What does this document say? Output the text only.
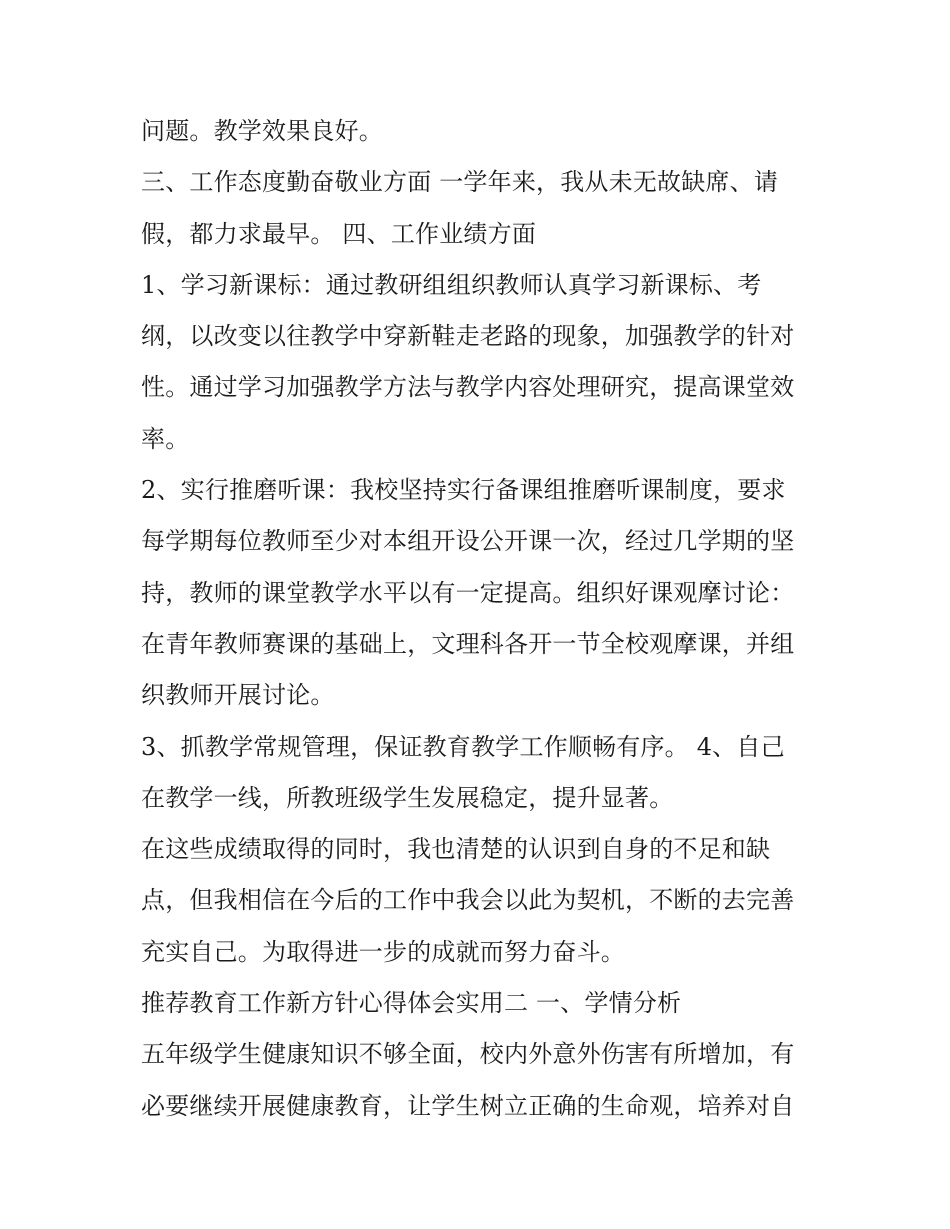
问题。教学效果良好。
三、工作态度勤奋敬业方面 一学年来，我从未无故缺席、请
假，都力求最早。 四、工作业绩方面
1、学习新课标：通过教研组组织教师认真学习新课标、考
纲，以改变以往教学中穿新鞋走老路的现象，加强教学的针对
性。通过学习加强教学方法与教学内容处理研究，提高课堂效
率。
2、实行推磨听课：我校坚持实行备课组推磨听课制度，要求
每学期每位教师至少对本组开设公开课一次，经过几学期的坚
持，教师的课堂教学水平以有一定提高。组织好课观摩讨论：
在青年教师赛课的基础上，文理科各开一节全校观摩课，并组
织教师开展讨论。
3、抓教学常规管理，保证教育教学工作顺畅有序。 4、自己
在教学一线，所教班级学生发展稳定，提升显著。
在这些成绩取得的同时，我也清楚的认识到自身的不足和缺
点，但我相信在今后的工作中我会以此为契机，不断的去完善
充实自己。为取得进一步的成就而努力奋斗。
推荐教育工作新方针心得体会实用二 一、学情分析
五年级学生健康知识不够全面，校内外意外伤害有所增加，有
必要继续开展健康教育，让学生树立正确的生命观，培养对自
